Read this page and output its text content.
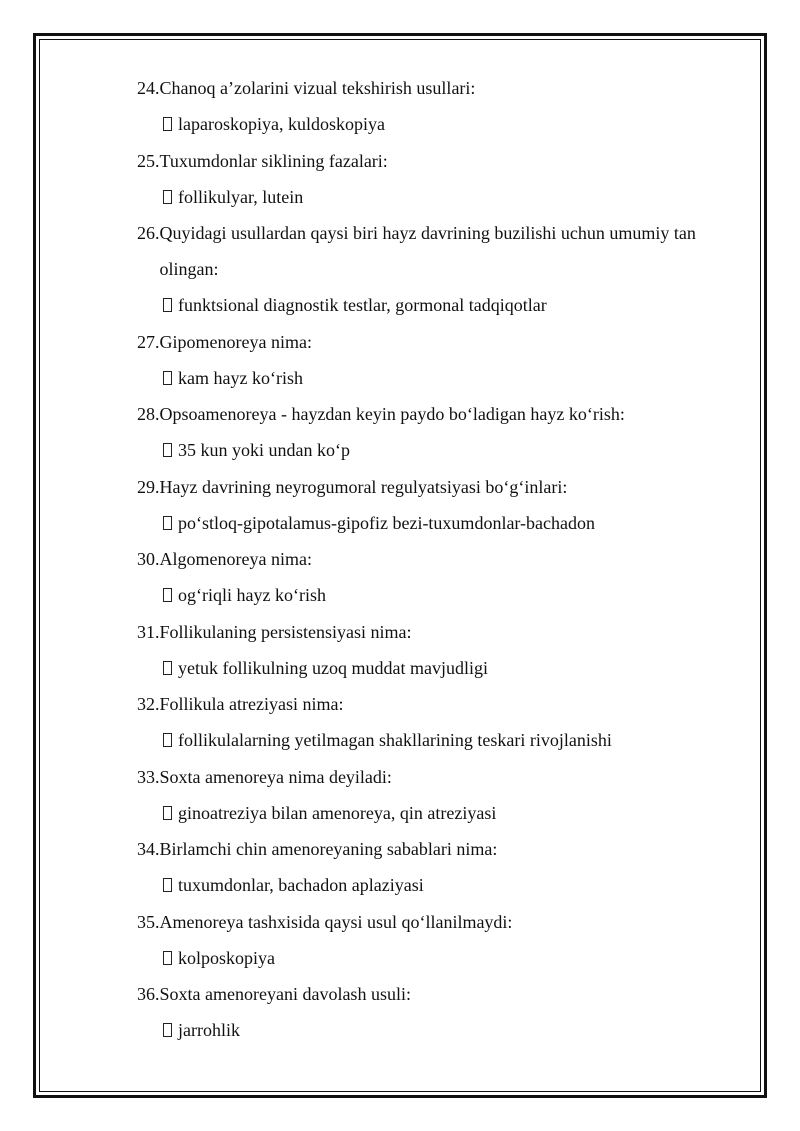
24. Chanoq a’zolarini vizual tekshirish usullari:
laparoskopiya, kuldoskopiya
25. Tuxumdonlar siklining fazalari:
follikulyar, lutein
26. Quyidagi usullardan qaysi biri hayz davrining buzilishi uchun umumiy tan olingan:
funktsional diagnostik testlar, gormonal tadqiqotlar
27. Gipomenoreya nima:
kam hayz ko‘rish
28. Opsoamenoreya - hayzdan keyin paydo bo‘ladigan hayz ko‘rish:
35 kun yoki undan ko‘p
29. Hayz davrining neyrogumoral regulyatsiyasi bo‘g‘inlari:
po‘stloq-gipotalamus-gipofiz bezi-tuxumdonlar-bachadon
30. Algomenoreya nima:
og‘riqli hayz ko‘rish
31. Follikulaning persistensiyasi nima:
yetuk follikulning uzoq muddat mavjudligi
32. Follikula atreziyasi nima:
follikulalarning yetilmagan shakllarining teskari rivojlanishi
33. Soxta amenoreya nima deyiladi:
ginoatreziya bilan amenoreya, qin atreziyasi
34. Birlamchi chin amenoreyaning sabablari nima:
tuxumdonlar, bachadon aplaziyasi
35. Amenoreya tashxisida qaysi usul qo‘llanilmaydi:
kolposkopiya
36. Soxta amenoreyani davolash usuli:
jarrohlik
